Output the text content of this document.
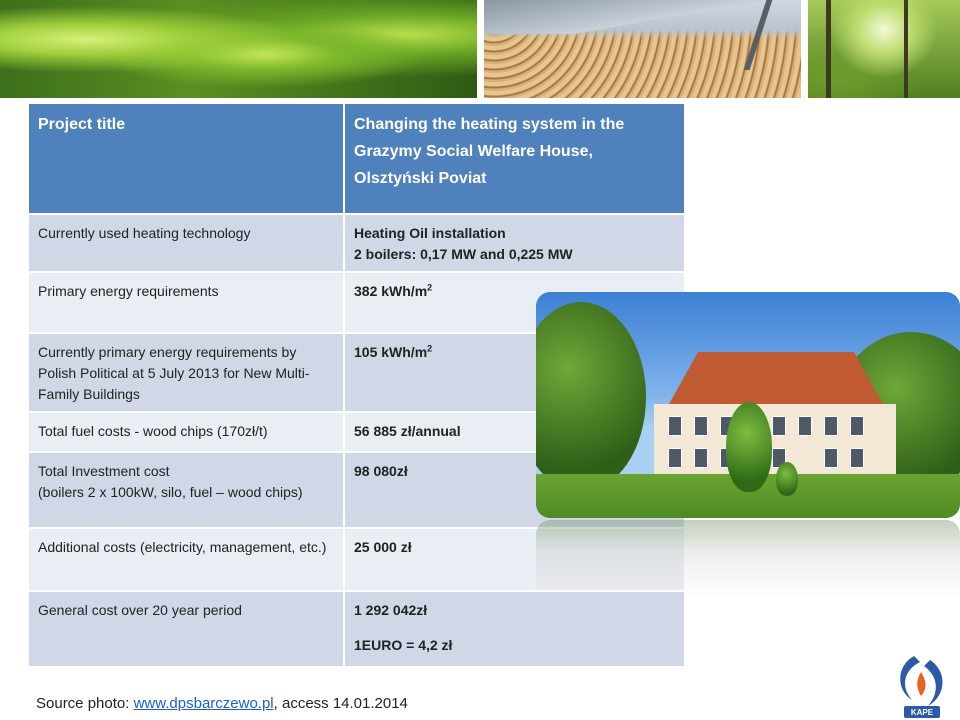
Project title	Changing the heating system in the Grazymy Social Welfare House, Olsztyński Poviat
Currently used heating technology	Heating Oil installation
2 boilers: 0,17 MW and 0,225 MW

Primary energy requirements	382 kWh/$m^2$
Currently primary energy requirements by Polish Political at 5 July 2013 for New Multi-Family Buildings	105 kWh/$m^2$
Total fuel costs - wood chips (170zł/t)	56 885 zł/annual

Total Investment cost
(boilers 2 x 100kW, silo, fuel – wood chips)	98 080zł
Additional costs (electricity, management, etc.)	25 000 zł
General cost over 20 year period	1 292 042zł
1EURO = 4,2 zł
Source photo: www.dpsbarczewo.pl, access 14.01.2014
KAPE
